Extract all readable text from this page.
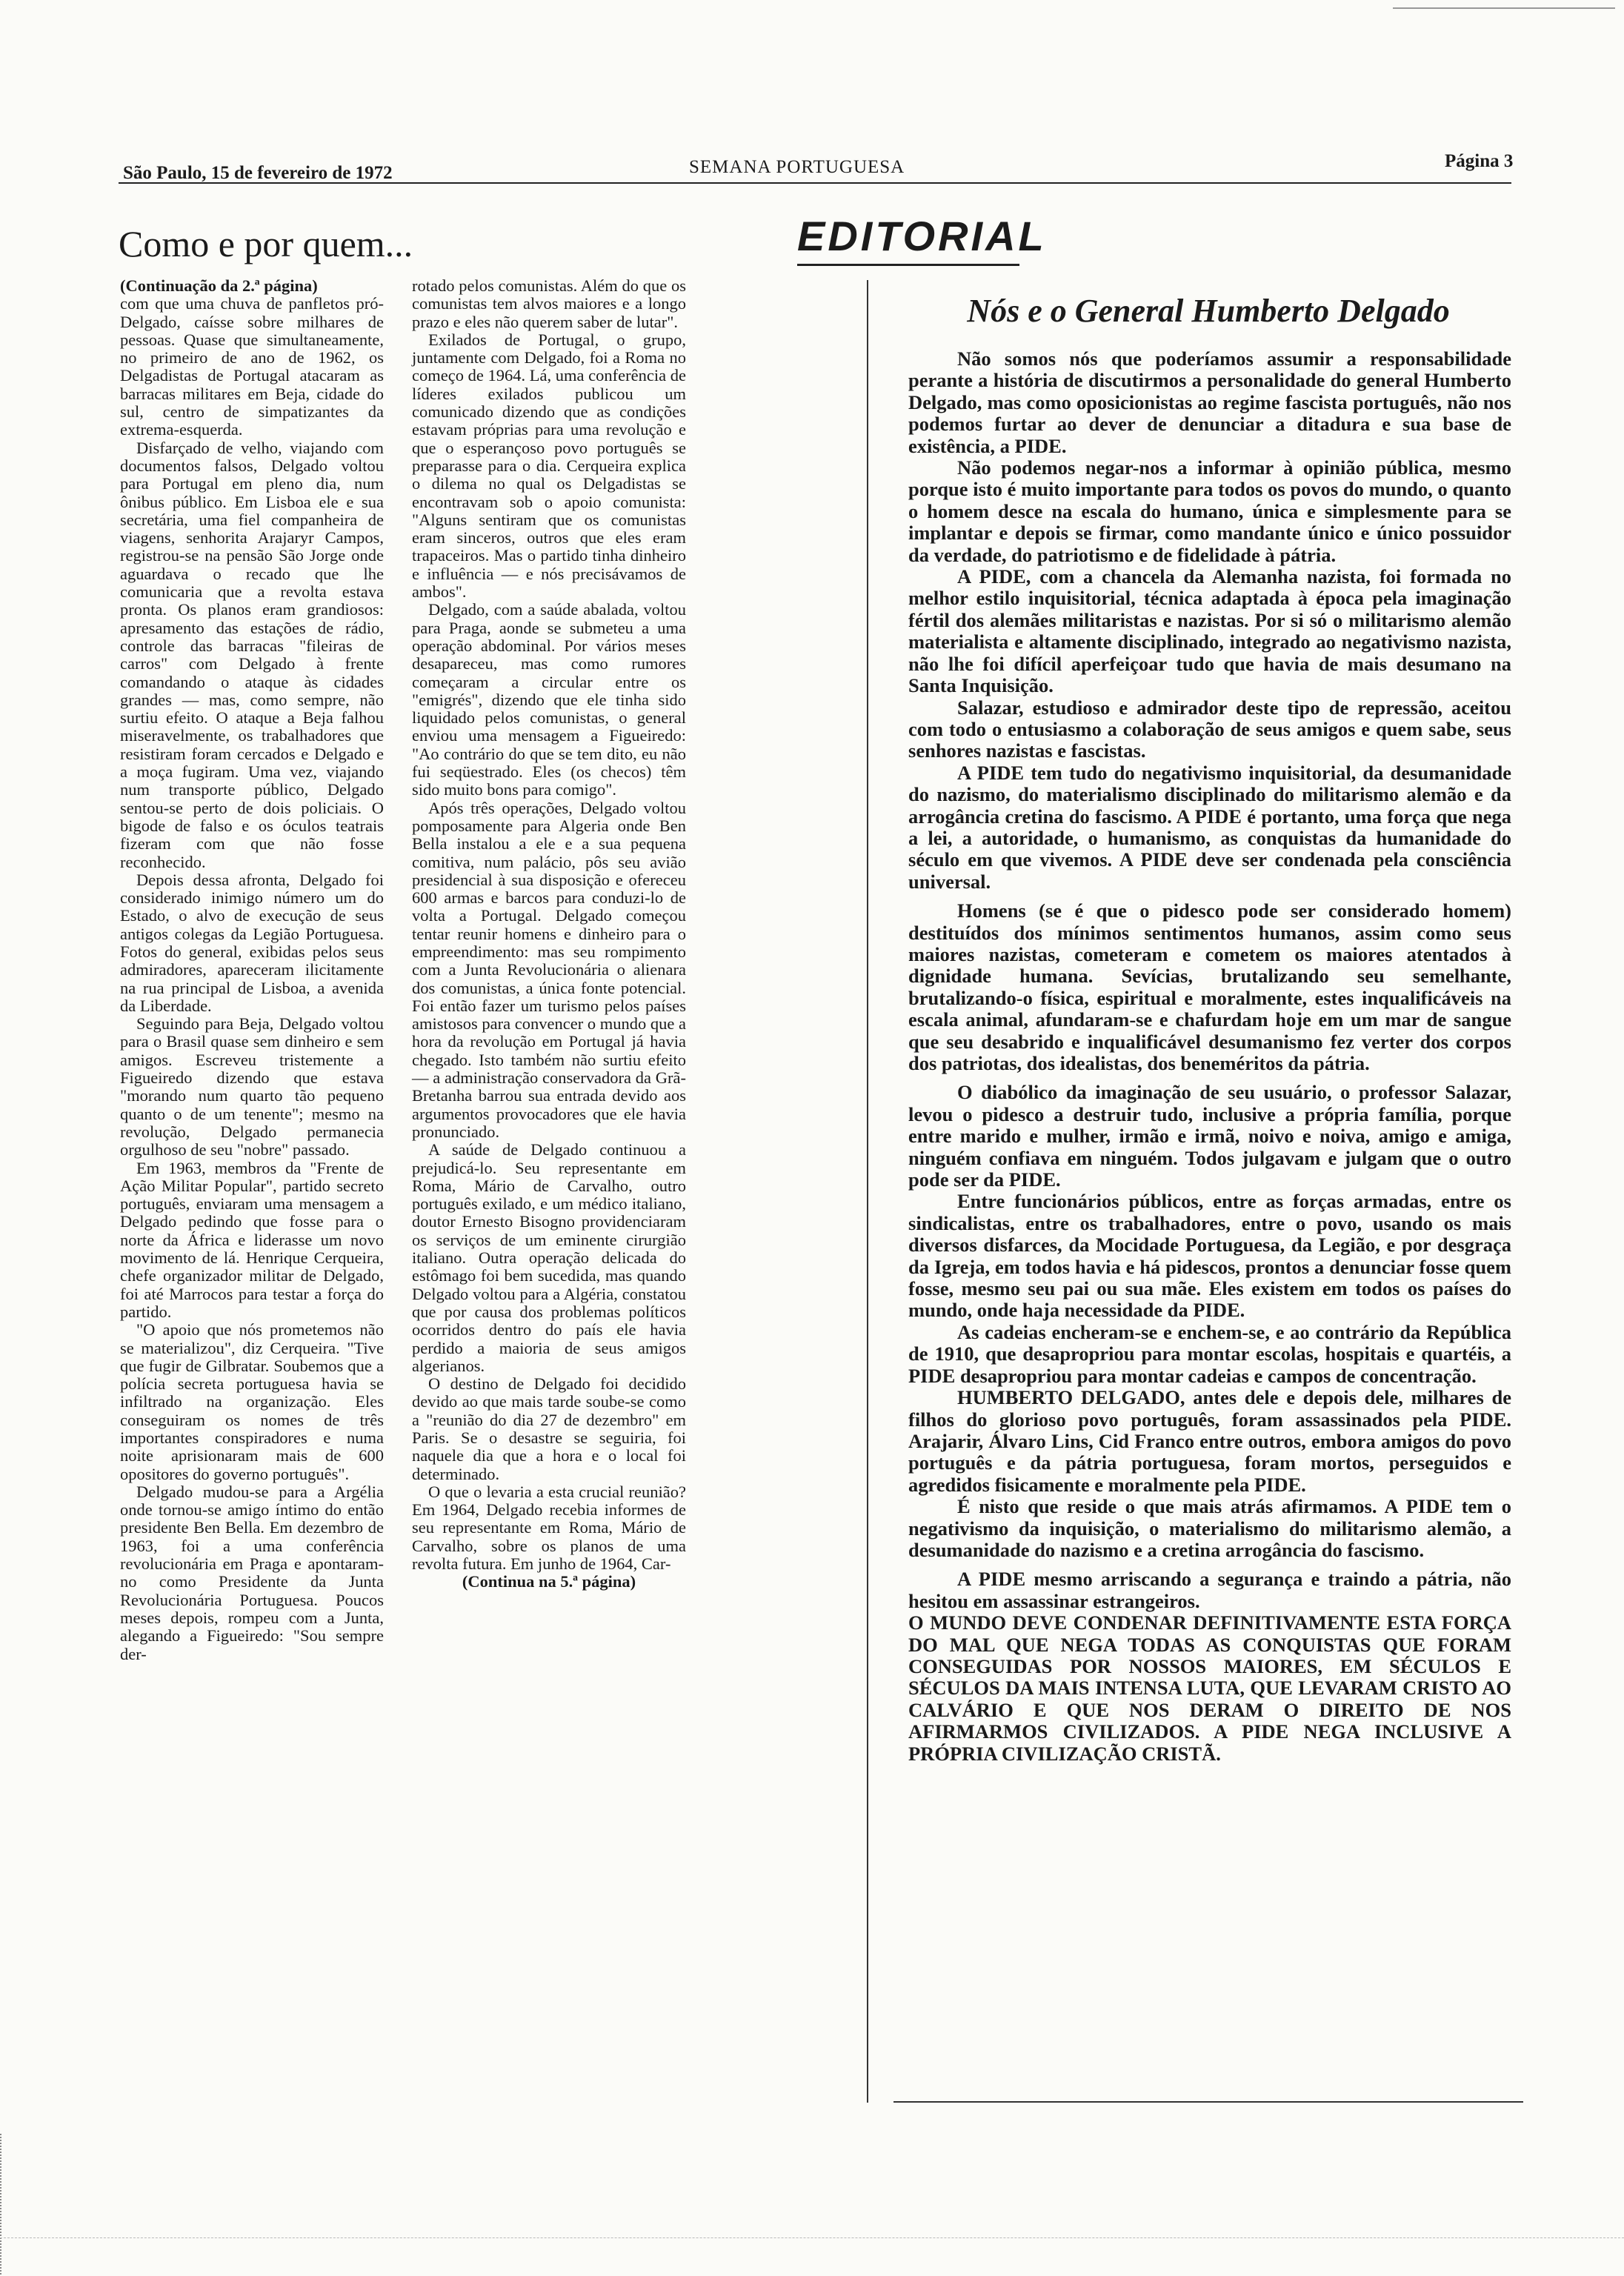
São Paulo, 15 de fevereiro de 1972	SEMANA PORTUGUESA	Página 3
Como e por quem...

(Continuação da 2.ª página)

com que uma chuva de panfletos pró-Delgado, caísse sobre milhares de pessoas. Quase que simultaneamente, no primeiro de ano de 1962, os Delgadistas de Portugal atacaram as barracas militares em Beja, cidade do sul, centro de simpatizantes da extrema-esquerda.

Disfarçado de velho, viajando com documentos falsos, Delgado voltou para Portugal em pleno dia, num ônibus público. Em Lisboa ele e sua secretária, uma fiel companheira de viagens, senhorita Arajaryr Campos, registrou-se na pensão São Jorge onde aguardava o recado que lhe comunicaria que a revolta estava pronta. Os planos eram grandiosos: apresamento das estações de rádio, controle das barracas "fileiras de carros" com Delgado à frente comandando o ataque às cidades grandes — mas, como sempre, não surtiu efeito. O ataque a Beja falhou miseravelmente, os trabalhadores que resistiram foram cercados e Delgado e a moça fugiram. Uma vez, viajando num transporte público, Delgado sentou-se perto de dois policiais. O bigode de falso e os óculos teatrais fizeram com que não fosse reconhecido.

Depois dessa afronta, Delgado foi considerado inimigo número um do Estado, o alvo de execução de seus antigos colegas da Legião Portuguesa. Fotos do general, exibidas pelos seus admiradores, apareceram ilicitamente na rua principal de Lisboa, a avenida da Liberdade.

Seguindo para Beja, Delgado voltou para o Brasil quase sem dinheiro e sem amigos. Escreveu tristemente a Figueiredo dizendo que estava "morando num quarto tão pequeno quanto o de um tenente"; mesmo na revolução, Delgado permanecia orgulhoso de seu "nobre" passado.

Em 1963, membros da "Frente de Ação Militar Popular", partido secreto português, enviaram uma mensagem a Delgado pedindo que fosse para o norte da África e liderasse um novo movimento de lá. Henrique Cerqueira, chefe organizador militar de Delgado, foi até Marrocos para testar a força do partido.

"O apoio que nós prometemos não se materializou", diz Cerqueira. "Tive que fugir de Gilbratar. Soubemos que a polícia secreta portuguesa havia se infiltrado na organização. Eles conseguiram os nomes de três importantes conspiradores e numa noite aprisionaram mais de 600 opositores do governo português".

Delgado mudou-se para a Argélia onde tornou-se amigo íntimo do então presidente Ben Bella. Em dezembro de 1963, foi a uma conferência revolucionária em Praga e apontaram-no como Presidente da Junta Revolucionária Portuguesa. Poucos meses depois, rompeu com a Junta, alegando a Figueiredo: "Sou sempre der-

rotado pelos comunistas. Além do que os comunistas tem alvos maiores e a longo prazo e eles não querem saber de lutar".

Exilados de Portugal, o grupo, juntamente com Delgado, foi a Roma no começo de 1964. Lá, uma conferência de líderes exilados publicou um comunicado dizendo que as condições estavam próprias para uma revolução e que o esperançoso povo português se preparasse para o dia. Cerqueira explica o dilema no qual os Delgadistas se encontravam sob o apoio comunista: "Alguns sentiram que os comunistas eram sinceros, outros que eles eram trapaceiros. Mas o partido tinha dinheiro e influência — e nós precisávamos de ambos".

Delgado, com a saúde abalada, voltou para Praga, aonde se submeteu a uma operação abdominal. Por vários meses desapareceu, mas como rumores começaram a circular entre os "emigrés", dizendo que ele tinha sido liquidado pelos comunistas, o general enviou uma mensagem a Figueiredo: "Ao contrário do que se tem dito, eu não fui seqüestrado. Eles (os checos) têm sido muito bons para comigo".

Após três operações, Delgado voltou pomposamente para Algeria onde Ben Bella instalou a ele e a sua pequena comitiva, num palácio, pôs seu avião presidencial à sua disposição e ofereceu 600 armas e barcos para conduzi-lo de volta a Portugal. Delgado começou tentar reunir homens e dinheiro para o empreendimento: mas seu rompimento com a Junta Revolucionária o alienara dos comunistas, a única fonte potencial. Foi então fazer um turismo pelos países amistosos para convencer o mundo que a hora da revolução em Portugal já havia chegado. Isto também não surtiu efeito — a administração conservadora da Grã-Bretanha barrou sua entrada devido aos argumentos provocadores que ele havia pronunciado.

A saúde de Delgado continuou a prejudicá-lo. Seu representante em Roma, Mário de Carvalho, outro português exilado, e um médico italiano, doutor Ernesto Bisogno providenciaram os serviços de um eminente cirurgião italiano. Outra operação delicada do estômago foi bem sucedida, mas quando Delgado voltou para a Algéria, constatou que por causa dos problemas políticos ocorridos dentro do país ele havia perdido a maioria de seus amigos algerianos.

O destino de Delgado foi decidido devido ao que mais tarde soube-se como a "reunião do dia 27 de dezembro" em Paris. Se o desastre se seguiria, foi naquele dia que a hora e o local foi determinado.

O que o levaria a esta crucial reunião? Em 1964, Delgado recebia informes de seu representante em Roma, Mário de Carvalho, sobre os planos de uma revolta futura. Em junho de 1964, Car-

(Continua na 5.ª página)

EDITORIAL
Nós e o General Humberto Delgado

Não somos nós que poderíamos assumir a responsabilidade perante a história de discutirmos a personalidade do general Humberto Delgado, mas como oposicionistas ao regime fascista português, não nos podemos furtar ao dever de denunciar a ditadura e sua base de existência, a PIDE.

Não podemos negar-nos a informar à opinião pública, mesmo porque isto é muito importante para todos os povos do mundo, o quanto o homem desce na escala do humano, única e simplesmente para se implantar e depois se firmar, como mandante único e único possuidor da verdade, do patriotismo e de fidelidade à pátria.

A PIDE, com a chancela da Alemanha nazista, foi formada no melhor estilo inquisitorial, técnica adaptada à época pela imaginação fértil dos alemães militaristas e nazistas. Por si só o militarismo alemão materialista e altamente disciplinado, integrado ao negativismo nazista, não lhe foi difícil aperfeiçoar tudo que havia de mais desumano na Santa Inquisição.

Salazar, estudioso e admirador deste tipo de repressão, aceitou com todo o entusiasmo a colaboração de seus amigos e quem sabe, seus senhores nazistas e fascistas.

A PIDE tem tudo do negativismo inquisitorial, da desumanidade do nazismo, do materialismo disciplinado do militarismo alemão e da arrogância cretina do fascismo. A PIDE é portanto, uma força que nega a lei, a autoridade, o humanismo, as conquistas da humanidade do século em que vivemos. A PIDE deve ser condenada pela consciência universal.

Homens (se é que o pidesco pode ser considerado homem) destituídos dos mínimos sentimentos humanos, assim como seus maiores nazistas, cometeram e cometem os maiores atentados à dignidade humana. Sevícias, brutalizando seu semelhante, brutalizando-o física, espiritual e moralmente, estes inqualificáveis na escala animal, afundaram-se e chafurdam hoje em um mar de sangue que seu desabrido e inqualificável desumanismo fez verter dos corpos dos patriotas, dos idealistas, dos beneméritos da pátria.

O diabólico da imaginação de seu usuário, o professor Salazar, levou o pidesco a destruir tudo, inclusive a própria família, porque entre marido e mulher, irmão e irmã, noivo e noiva, amigo e amiga, ninguém confiava em ninguém. Todos julgavam e julgam que o outro pode ser da PIDE.

Entre funcionários públicos, entre as forças armadas, entre os sindicalistas, entre os trabalhadores, entre o povo, usando os mais diversos disfarces, da Mocidade Portuguesa, da Legião, e por desgraça da Igreja, em todos havia e há pidescos, prontos a denunciar fosse quem fosse, mesmo seu pai ou sua mãe. Eles existem em todos os países do mundo, onde haja necessidade da PIDE.

As cadeias encheram-se e enchem-se, e ao contrário da República de 1910, que desapropriou para montar escolas, hospitais e quartéis, a PIDE desapropriou para montar cadeias e campos de concentração.

HUMBERTO DELGADO, antes dele e depois dele, milhares de filhos do glorioso povo português, foram assassinados pela PIDE. Arajarir, Álvaro Lins, Cid Franco entre outros, embora amigos do povo português e da pátria portuguesa, foram mortos, perseguidos e agredidos fisicamente e moralmente pela PIDE.

É nisto que reside o que mais atrás afirmamos. A PIDE tem o negativismo da inquisição, o materialismo do militarismo alemão, a desumanidade do nazismo e a cretina arrogância do fascismo.

A PIDE mesmo arriscando a segurança e traindo a pátria, não hesitou em assassinar estrangeiros.

O MUNDO DEVE CONDENAR DEFINITIVAMENTE ESTA FORÇA DO MAL QUE NEGA TODAS AS CONQUISTAS QUE FORAM CONSEGUIDAS POR NOSSOS MAIORES, EM SÉCULOS E SÉCULOS DA MAIS INTENSA LUTA, QUE LEVARAM CRISTO AO CALVÁRIO E QUE NOS DERAM O DIREITO DE NOS AFIRMARMOS CIVILIZADOS. A PIDE NEGA INCLUSIVE A PRÓPRIA CIVILIZAÇÃO CRISTÃ.
